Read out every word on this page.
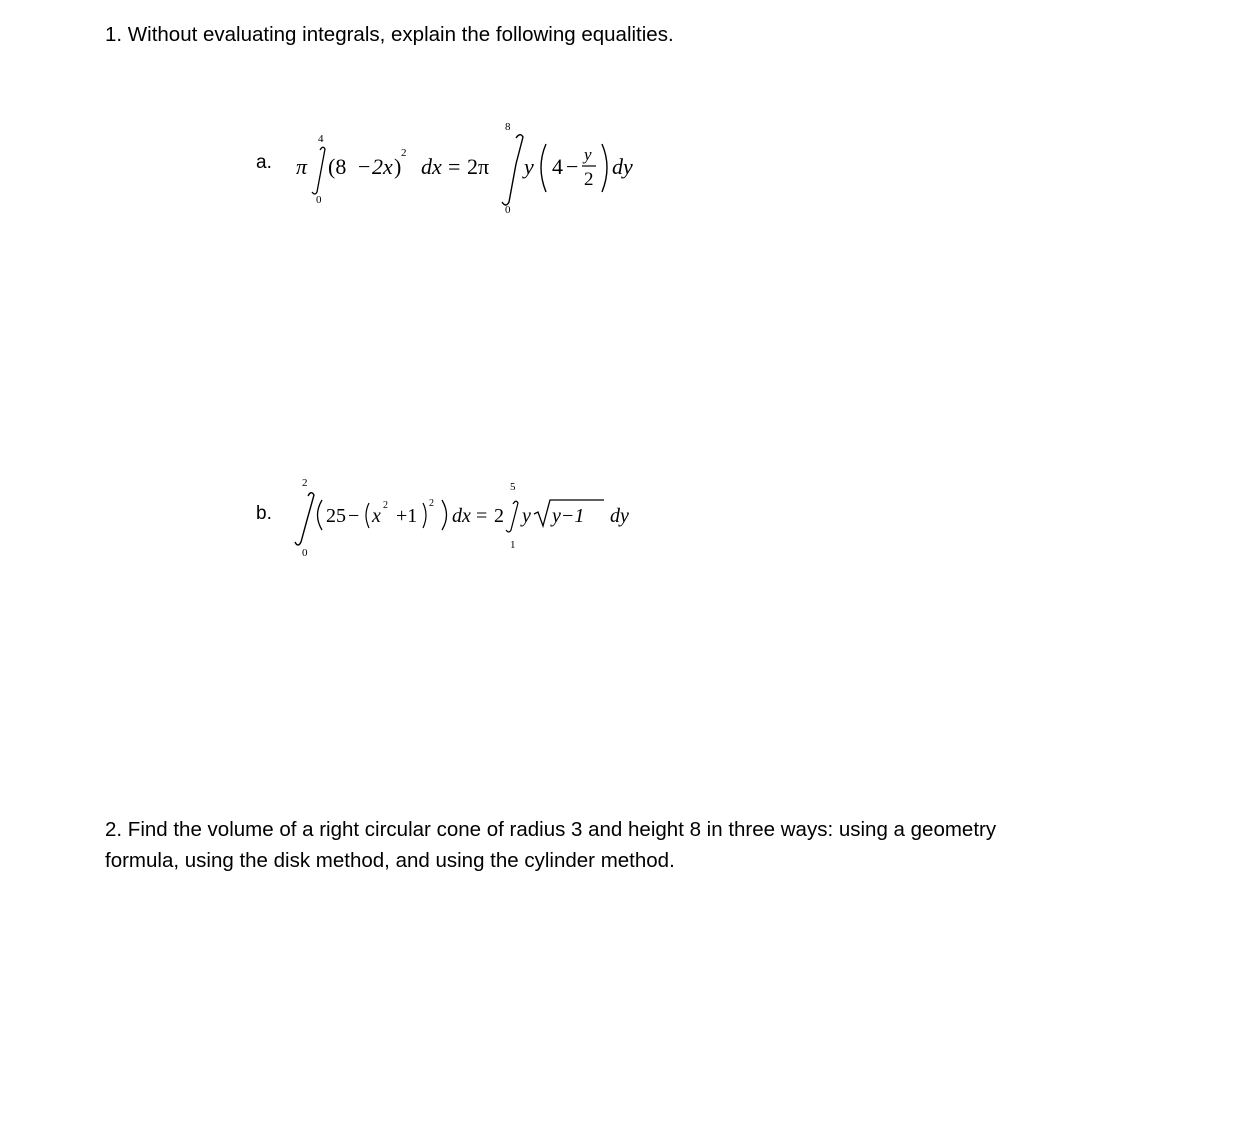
1. Without evaluating integrals, explain the following equalities.

a. π
4
0
(8 − 2x )
2
dx = 2π
8
0
y 4 − y
2
dy
b.
2
0
25 − x 2 +1
2
dx = 2
5
1
y y−1 dy

2. Find the volume of a right circular cone of radius 3 and height 8 in three ways: using a geometry
formula, using the disk method, and using the cylinder method.
